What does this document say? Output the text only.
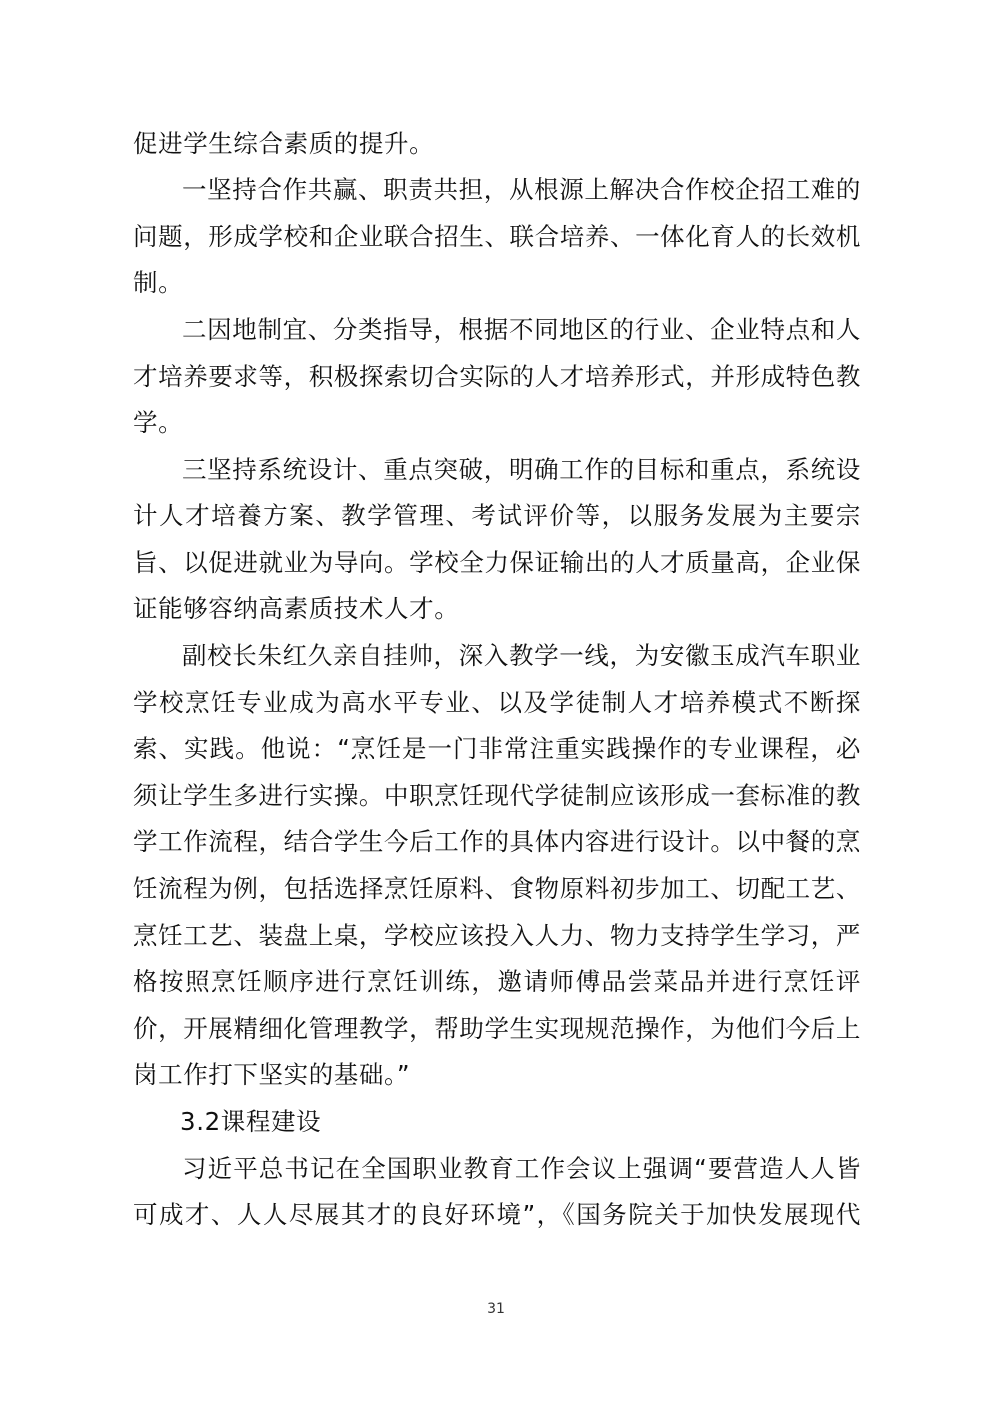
促进学生综合素质的提升。
一坚持合作共赢、职责共担，从根源上解决合作校企招工难的
问题，形成学校和企业联合招生、联合培养、一体化育人的长效机
制。
二因地制宜、分类指导，根据不同地区的行业、企业特点和人
才培养要求等，积极探索切合实际的人才培养形式，并形成特色教
学。
三坚持系统设计、重点突破，明确工作的目标和重点，系统设
计人才培養方案、教学管理、考试评价等，以服务发展为主要宗
旨、以促进就业为导向。学校全力保证输出的人才质量高，企业保
证能够容纳高素质技术人才。
副校长朱红久亲自挂帅，深入教学一线，为安徽玉成汽车职业
学校烹饪专业成为高水平专业、以及学徒制人才培养模式不断探
索、实践。他说：“烹饪是一门非常注重实践操作的专业课程，必
须让学生多进行实操。中职烹饪现代学徒制应该形成一套标准的教
学工作流程，结合学生今后工作的具体内容进行设计。以中餐的烹
饪流程为例，包括选择烹饪原料、食物原料初步加工、切配工艺、
烹饪工艺、装盘上桌，学校应该投入人力、物力支持学生学习，严
格按照烹饪顺序进行烹饪训练，邀请师傅品尝菜品并进行烹饪评
价，开展精细化管理教学，帮助学生实现规范操作，为他们今后上
岗工作打下坚实的基础。”
3.2课程建设
习近平总书记在全国职业教育工作会议上强调“要营造人人皆
可成才、人人尽展其才的良好环境”，《国务院关于加快发展现代
31
